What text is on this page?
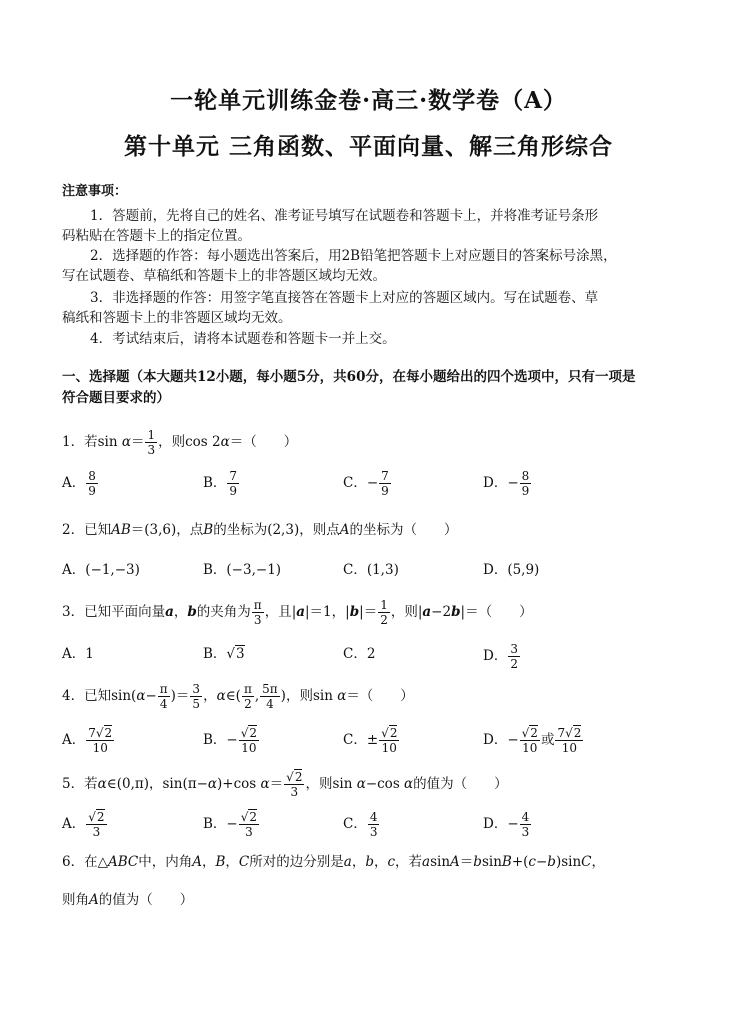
一轮单元训练金卷·高三·数学卷（A）
第十单元 三角函数、平面向量、解三角形综合
注意事项：
1．答题前，先将自己的姓名、准考证号填写在试题卷和答题卡上，并将准考证号条形
码粘贴在答题卡上的指定位置。
2．选择题的作答：每小题选出答案后，用2B铅笔把答题卡上对应题目的答案标号涂黑，
写在试题卷、草稿纸和答题卡上的非答题区域均无效。
3．非选择题的作答：用签字笔直接答在答题卡上对应的答题区域内。写在试题卷、草
稿纸和答题卡上的非答题区域均无效。
4．考试结束后，请将本试题卷和答题卡一并上交。
一、选择题（本大题共12小题，每小题5分，共60分，在每小题给出的四个选项中，只有一项是
符合题目要求的）
1．若$\sin \alpha= \frac{1}{3}$ ，则cos 2α＝（　　）
A． $\frac{8}{9}$	B． $\frac{7}{9}$	C．− $\frac{7}{9}$	D．− $\frac{8}{9}$
2．已知AB＝(3,6)，点B的坐标为(2,3)，则点A的坐标为（　　）
A．(−1,−3)	B．(−3,−1)	C．(1,3)	D．(5,9)
3．已知平面向量a，b的夹角为 $\frac{\pi}{3}$ ，且|a|＝1，$|b|= \frac{1}{2}$ ，则|a−2b|＝（　　）
A．1	B．√3	C．2	D． $\frac{3}{2}$
4．已知$\sin(\alpha- \frac{\pi}{4}$ )＝ $\frac{3}{5}$ ，α∈( $\frac{\pi}{2}$ , $\frac{5\pi}{4}$ )，则sin α＝（　　）
A． $\frac{7√2}{10}$	B．− $\frac{√2}{10}$	C．± $\frac{√2}{10}$	D．− $\frac{√2}{10}$ 或 $\frac{7√2}{10}$
5．若α∈(0,π)，sin(π−α)+cos $\alpha= \frac{√2}{3}$ ，则sin α−cos α的值为（　　）
A． $\frac{√2}{3}$	B．− $\frac{√2}{3}$	C． $\frac{4}{3}$	D．− $\frac{4}{3}$
6．在△ABC中，内角A，B，C所对的边分别是a，b，c，若asinA＝bsinB+(c−b)sinC，
则角A的值为（　　）
